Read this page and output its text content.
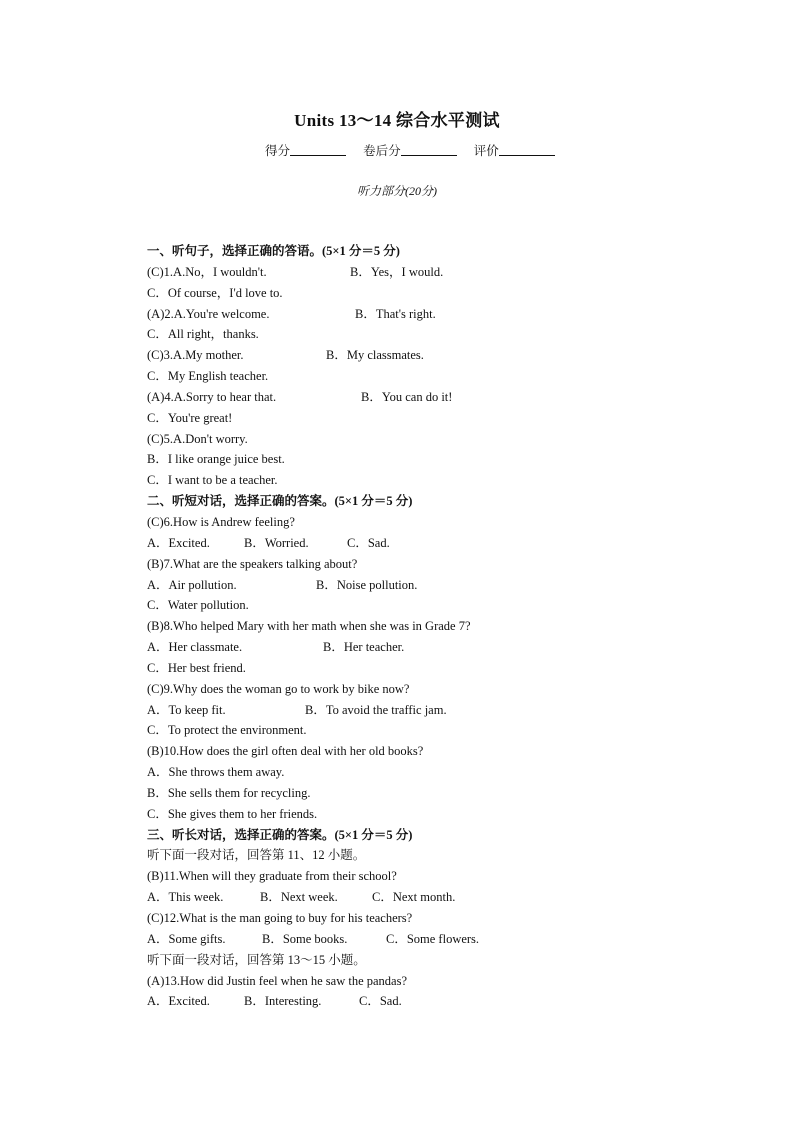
Units 13～14 综合水平测试
得分	卷后分	评价
听力部分(20分)
一、听句子，选择正确的答语。(5×1 分＝5 分)
(C)1.A.No，I wouldn't.	B．Yes，I would.
C．Of course，I'd love to.
(A)2.A.You're welcome.	B．That's right.
C．All right，thanks.
(C)3.A.My mother.	B．My classmates.
C．My English teacher.
(A)4.A.Sorry to hear that.	B．You can do it!
C．You're great!
(C)5.A.Don't worry.
B．I like orange juice best.
C．I want to be a teacher.
二、听短对话，选择正确的答案。(5×1 分＝5 分)
(C)6.How is Andrew feeling?
A．Excited.	B．Worried.	C．Sad.
(B)7.What are the speakers talking about?
A．Air pollution.	B．Noise pollution.
C．Water pollution.
(B)8.Who helped Mary with her math when she was in Grade 7?
A．Her classmate.	B．Her teacher.
C．Her best friend.
(C)9.Why does the woman go to work by bike now?
A．To keep fit.	B．To avoid the traffic jam.
C．To protect the environment.
(B)10.How does the girl often deal with her old books?
A．She throws them away.
B．She sells them for recycling.
C．She gives them to her friends.
三、听长对话，选择正确的答案。(5×1 分＝5 分)
听下面一段对话，回答第 11、12 小题。
(B)11.When will they graduate from their school?
A．This week.	B．Next week.	C．Next month.
(C)12.What is the man going to buy for his teachers?
A．Some gifts.	B．Some books.	C．Some flowers.
听下面一段对话，回答第 13～15 小题。
(A)13.How did Justin feel when he saw the pandas?
A．Excited.	B．Interesting.	C．Sad.
